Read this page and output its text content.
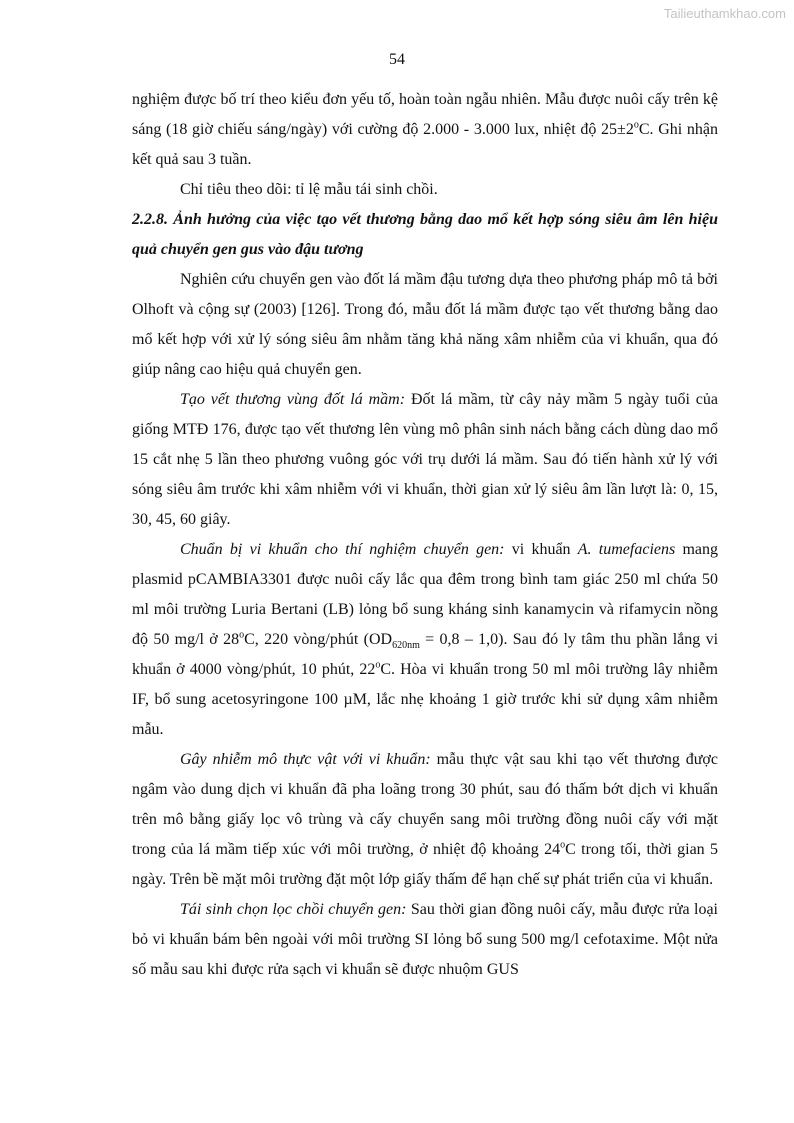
Tailieuthamkhao.com
54

nghiệm được bố trí theo kiểu đơn yếu tố, hoàn toàn ngẫu nhiên. Mẫu được nuôi cấy trên kệ sáng (18 giờ chiếu sáng/ngày) với cường độ 2.000 - 3.000 lux, nhiệt độ $25\pm 2^oC$. Ghi nhận kết quả sau 3 tuần.

Chỉ tiêu theo dõi: tỉ lệ mẫu tái sinh chồi.

2.2.8. Ảnh hưởng của việc tạo vết thương bằng dao mổ kết hợp sóng siêu âm lên hiệu quả chuyển gen gus vào đậu tương

Nghiên cứu chuyển gen vào đốt lá mầm đậu tương dựa theo phương pháp mô tả bởi Olhoft và cộng sự (2003) [126]. Trong đó, mẫu đốt lá mầm được tạo vết thương bằng dao mổ kết hợp với xử lý sóng siêu âm nhằm tăng khả năng xâm nhiễm của vi khuẩn, qua đó giúp nâng cao hiệu quả chuyển gen.

Tạo vết thương vùng đốt lá mầm: Đốt lá mầm, từ cây nảy mầm 5 ngày tuổi của giống MTĐ 176, được tạo vết thương lên vùng mô phân sinh nách bằng cách dùng dao mổ 15 cắt nhẹ 5 lần theo phương vuông góc với trụ dưới lá mầm. Sau đó tiến hành xử lý với sóng siêu âm trước khi xâm nhiễm với vi khuẩn, thời gian xử lý siêu âm lần lượt là: 0, 15, 30, 45, 60 giây.

Chuẩn bị vi khuẩn cho thí nghiệm chuyển gen: vi khuẩn A. tumefaciens mang plasmid pCAMBIA3301 được nuôi cấy lắc qua đêm trong bình tam giác 250 ml chứa 50 ml môi trường Luria Bertani (LB) lỏng bổ sung kháng sinh kanamycin và rifamycin nồng độ 50 mg/l ở 28$^o$C, 220 vòng/phút $(OD_{620nm} = 0,8 - 1,0)$. Sau đó ly tâm thu phần lắng vi khuẩn ở 4000 vòng/phút, 10 phút, 22$^o$C. Hòa vi khuẩn trong 50 ml môi trường lây nhiễm IF, bổ sung acetosyringone 100 µM, lắc nhẹ khoảng 1 giờ trước khi sử dụng xâm nhiễm mẫu.

Gây nhiễm mô thực vật với vi khuẩn: mẫu thực vật sau khi tạo vết thương được ngâm vào dung dịch vi khuẩn đã pha loãng trong 30 phút, sau đó thấm bớt dịch vi khuẩn trên mô bằng giấy lọc vô trùng và cấy chuyển sang môi trường đồng nuôi cấy với mặt trong của lá mầm tiếp xúc với môi trường, ở nhiệt độ khoảng 24$^o$C trong tối, thời gian 5 ngày. Trên bề mặt môi trường đặt một lớp giấy thấm để hạn chế sự phát triển của vi khuẩn.

Tái sinh chọn lọc chồi chuyển gen: Sau thời gian đồng nuôi cấy, mẫu được rửa loại bỏ vi khuẩn bám bên ngoài với môi trường SI lỏng bổ sung 500 mg/l cefotaxime. Một nửa số mẫu sau khi được rửa sạch vi khuẩn sẽ được nhuộm GUS
